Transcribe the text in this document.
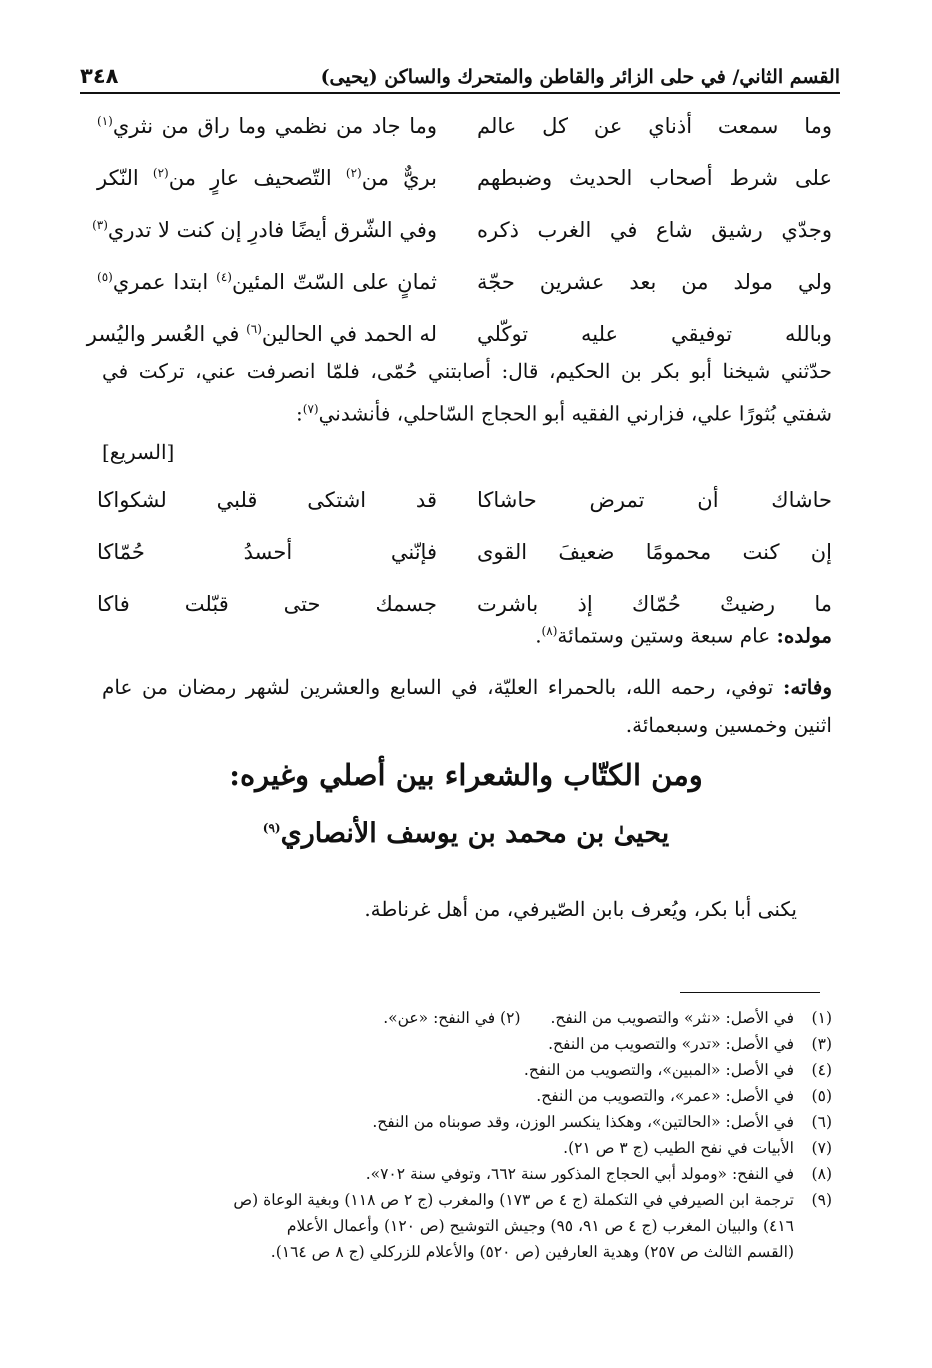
القسم الثاني/ في حلى الزائر والقاطن والمتحرك والساكن (يحيى)
٣٤٨
وما سمعت أذناي عن كل عالم
وما جاد من نظمي وما راق من نثري$^{(١)}$
على شرط أصحاب الحديث وضبطهم
بريٌّ من$^{(٢)}$ التّصحيف عارٍ من$^{(٢)}$ النّكر
وجدّي رشيق شاع في الغرب ذكره
وفي الشّرق أيضًا فادرِ إن كنت لا تدري$^{(٣)}$
ولي مولد من بعد عشرين حجّة
ثمانٍ على السّتّ المئين$^{(٤)}$ ابتدا عمري$^{(٥)}$
وبالله توفيقي عليه توكّلي
له الحمد في الحالين$^{(٦)}$ في العُسر واليُسر
حدّثني شيخنا أبو بكر بن الحكيم، قال: أصابتني حُمّى، فلمّا انصرفت عني، تركت في شفتي بُثورًا علي، فزارني الفقيه أبو الحجاج السّاحلي، فأنشدني$^{(٧)}$:
[السريع]
حاشاك أن تمرض حاشاكا
قد اشتكى قلبي لشكواكا
إن كنت محمومًا ضعيفَ القوى
فإنّني أحسدُ حُمّاكا
ما رضيتْ حُمّاك إذ باشرت
جسمك حتى قبّلت فاكا
مولده: عام سبعة وستين وستمائة$^{(٨)}$.
وفاته: توفي، رحمه الله، بالحمراء العليّة، في السابع والعشرين لشهر رمضان من عام اثنين وخمسين وسبعمائة.
ومن الكتّاب والشعراء بين أصلي وغيره:
يحيىٰ بن محمد بن يوسف الأنصاري$^{(٩)}$
يكنى أبا بكر، ويُعرف بابن الصّيرفي، من أهل غرناطة.
(١)
في الأصل: «نثر» والتصويب من النفح.(٢) في النفح: «عن».
(٣)
في الأصل: «تدر» والتصويب من النفح.
(٤)
في الأصل: «المبين»، والتصويب من النفح.
(٥)
في الأصل: «عمر»، والتصويب من النفح.
(٦)
في الأصل: «الحالتين»، وهكذا ينكسر الوزن، وقد صوبناه من النفح.
(٧)
الأبيات في نفح الطيب (ج ٣ ص ٢١).
(٨)
في النفح: «ومولد أبي الحجاج المذكور سنة ٦٦٢، وتوفي سنة ٧٠٢».
(٩)
ترجمة ابن الصيرفي في التكملة (ج ٤ ص ١٧٣) والمغرب (ج ٢ ص ١١٨) وبغية الوعاة (ص
٤١٦) والبيان المغرب (ج ٤ ص ٩١، ٩٥) وجيش التوشيح (ص ١٢٠) وأعمال الأعلام
(القسم الثالث ص ٢٥٧) وهدية العارفين (ص ٥٢٠) والأعلام للزركلي (ج ٨ ص ١٦٤).
